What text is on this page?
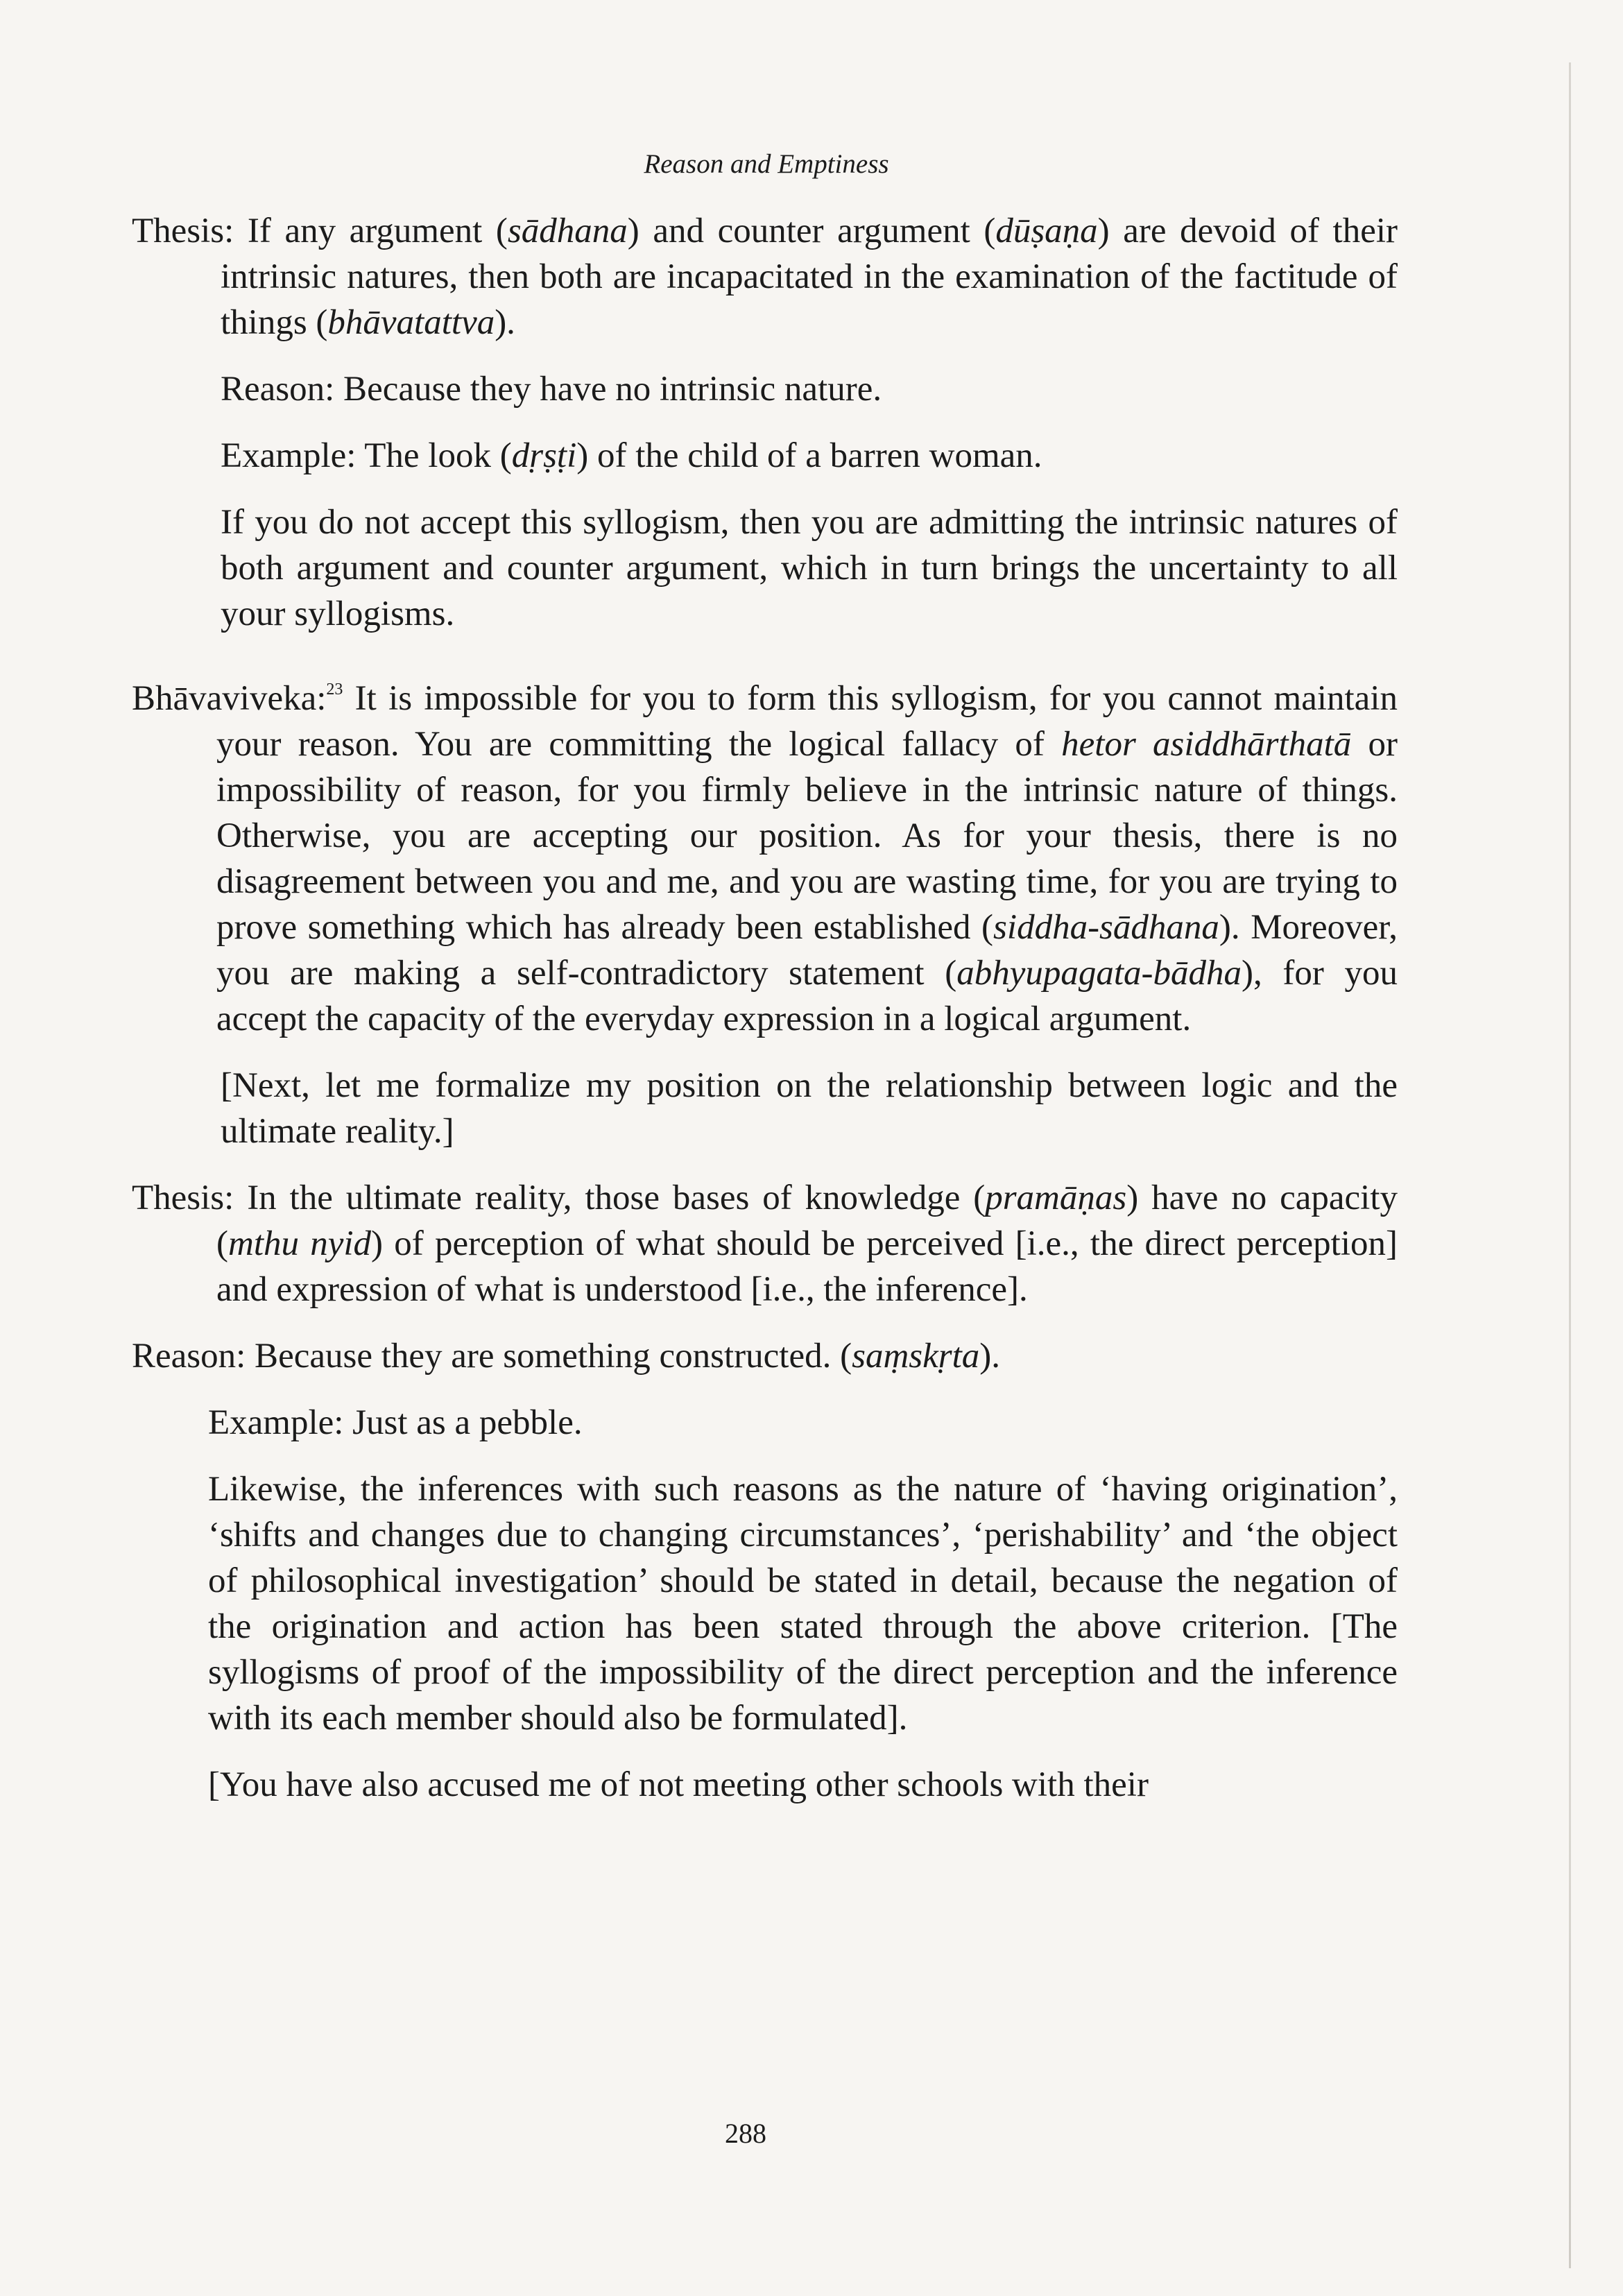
Reason and Emptiness

Thesis: If any argument (sādhana) and counter argument (dūṣaṇa) are devoid of their intrinsic natures, then both are incapacitated in the examination of the factitude of things (bhāvatattva).

Reason: Because they have no intrinsic nature.

Example: The look (dṛṣṭi) of the child of a barren woman.

If you do not accept this syllogism, then you are admitting the intrinsic natures of both argument and counter argument, which in turn brings the uncertainty to all your syllogisms.

Bhāvaviveka:$^{23}$ It is impossible for you to form this syllogism, for you cannot maintain your reason. You are committing the logical fallacy of hetor asiddhārthatā or impossibility of reason, for you firmly believe in the intrinsic nature of things. Otherwise, you are accepting our position. As for your thesis, there is no disagreement between you and me, and you are wasting time, for you are trying to prove something which has already been established (siddha-sādhana). Moreover, you are making a self-contradictory statement (abhyupagata-bādha), for you accept the capacity of the everyday expression in a logical argument.

[Next, let me formalize my position on the relationship between logic and the ultimate reality.]

Thesis: In the ultimate reality, those bases of knowledge (pramāṇas) have no capacity (mthu nyid) of perception of what should be perceived [i.e., the direct perception] and expression of what is understood [i.e., the inference].

Reason: Because they are something constructed. (saṃskṛta).

Example: Just as a pebble.

Likewise, the inferences with such reasons as the nature of ‘having origination’, ‘shifts and changes due to changing circumstances’, ‘perishability’ and ‘the object of philosophical investigation’ should be stated in detail, because the negation of the origination and action has been stated through the above criterion. [The syllogisms of proof of the impossibility of the direct perception and the inference with its each member should also be formulated].

[You have also accused me of not meeting other schools with their

288
